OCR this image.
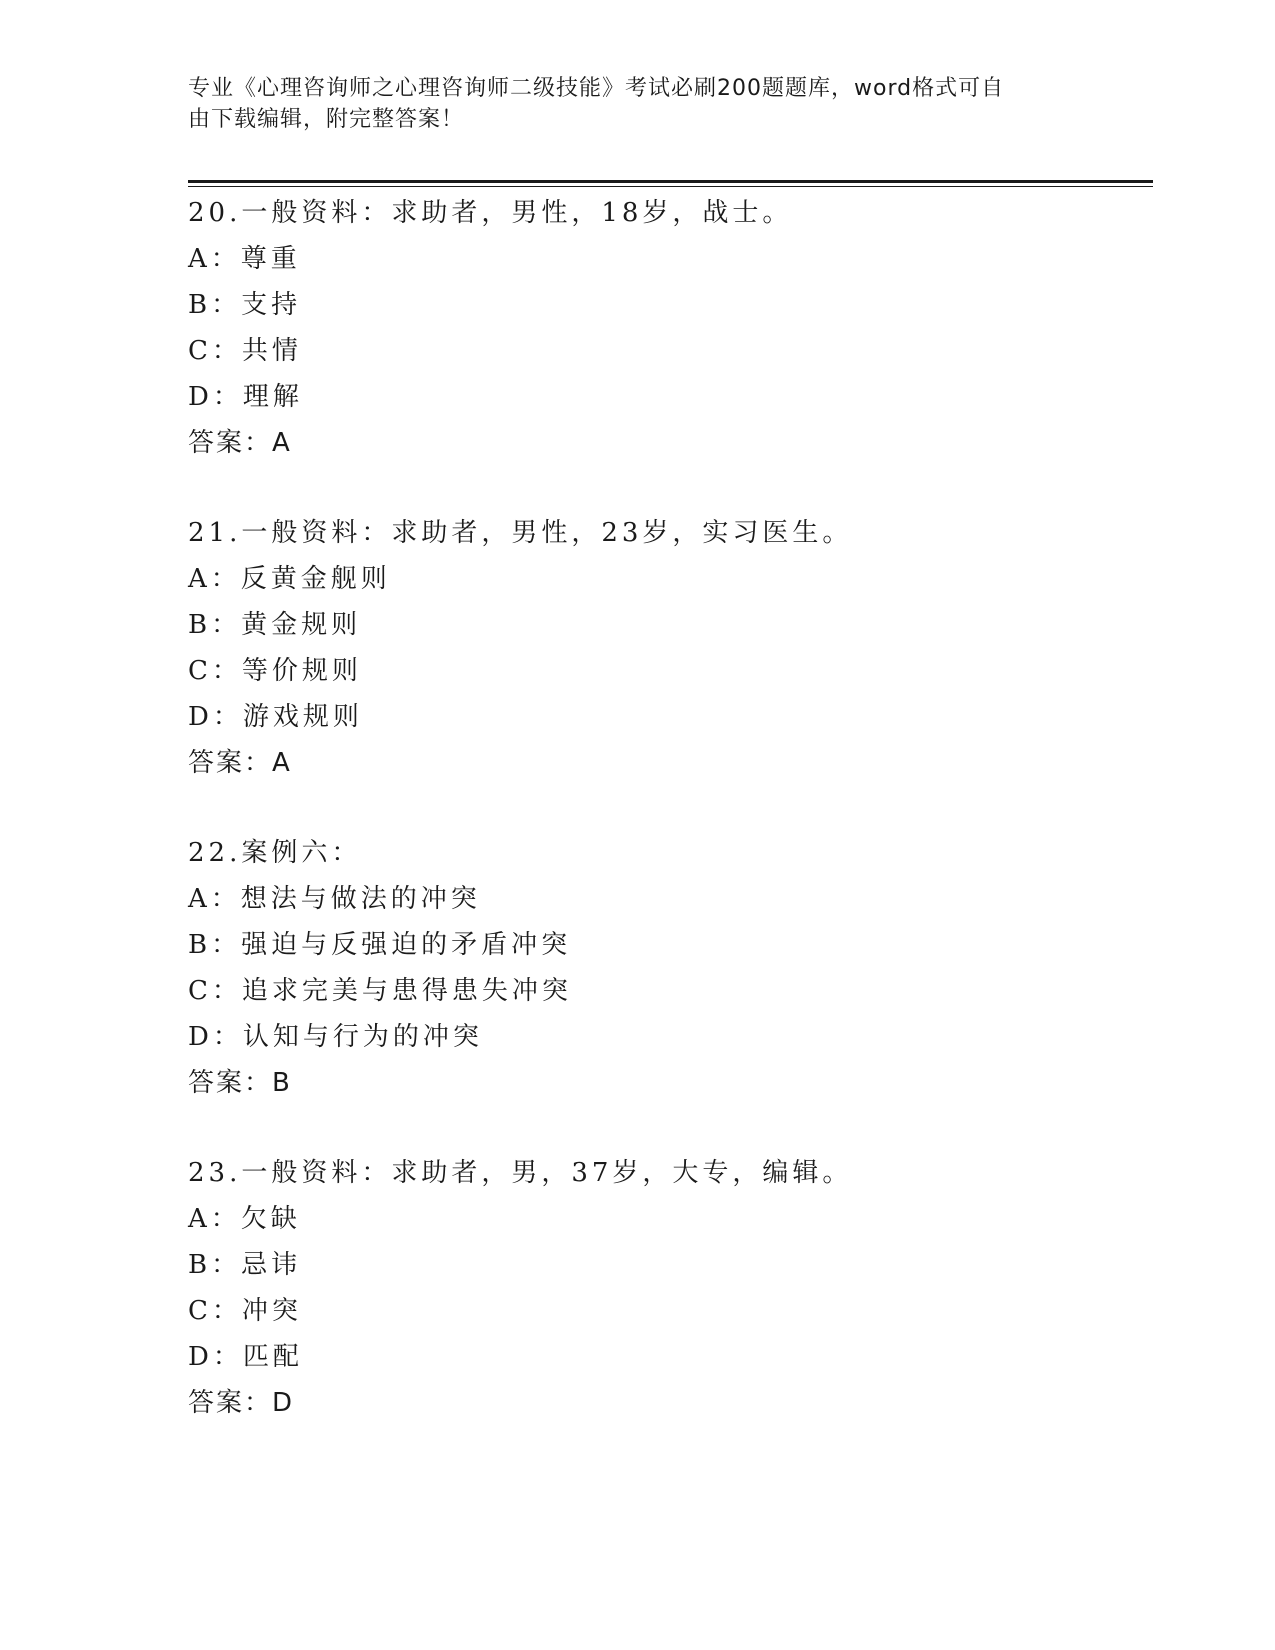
专业《心理咨询师之心理咨询师二级技能》考试必刷200题题库，word格式可自
由下载编辑，附完整答案！
20.一般资料：求助者，男性，18岁，战士。
A：尊重
B：支持
C：共情
D：理解
答案：A
21.一般资料：求助者，男性，23岁，实习医生。
A：反黄金舰则
B：黄金规则
C：等价规则
D：游戏规则
答案：A
22.案例六：
A：想法与做法的冲突
B：强迫与反强迫的矛盾冲突
C：追求完美与患得患失冲突
D：认知与行为的冲突
答案：B
23.一般资料：求助者，男，37岁，大专，编辑。
A：欠缺
B：忌讳
C：冲突
D：匹配
答案：D
